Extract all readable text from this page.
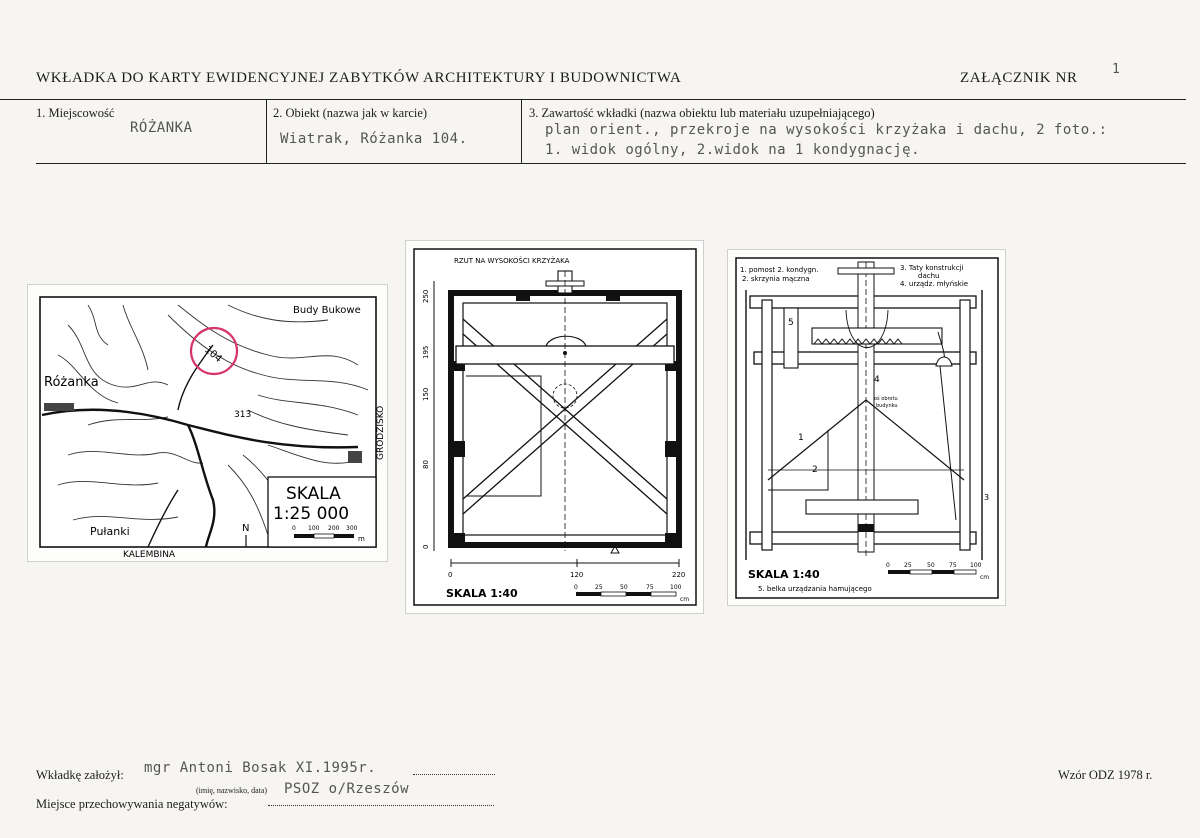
WKŁADKA DO KARTY EWIDENCYJNEJ ZABYTKÓW ARCHITEKTURY I BUDOWNICTWA	ZAŁĄCZNIK NR
1
1. Miejscowość
RÓŻANKA
2. Obiekt (nazwa jak w karcie)
Wiatrak, Różanka 104.
3. Zawartość wkładki (nazwa obiektu lub materiału uzupełniającego)
plan orient., przekroje na wysokości krzyżaka i dachu, 2 foto.:
1. widok ogólny, 2.widok na 1 kondygnację.
104
Różanka
Budy Bukowe
GRODZISKO
Pułanki
KALEMBINA
313
SKALA
1:25 000
N	0 100 200 300
m
RZUT NA WYSOKOŚCI KRZYŻAKA
250
195
150
80
0
0	120	220
SKALA 1:40	0	25	50	75	100
cm
1. pomost 2. kondygn.
2. skrzynia mączna
3. Taty konstrukcji
dachu
4. urządz. młyńskie
oś obrotu
budynku
1
2
3
4
5
SKALA 1:40
0 25	50 75 100
cm
5. belka urządzania hamującego
Wkładkę założył: mgr Antoni Bosak XI.1995r.
(imię, nazwisko, data) PSOZ o/Rzeszów
Miejsce przechowywania negatywów:
Wzór ODZ 1978 r.
